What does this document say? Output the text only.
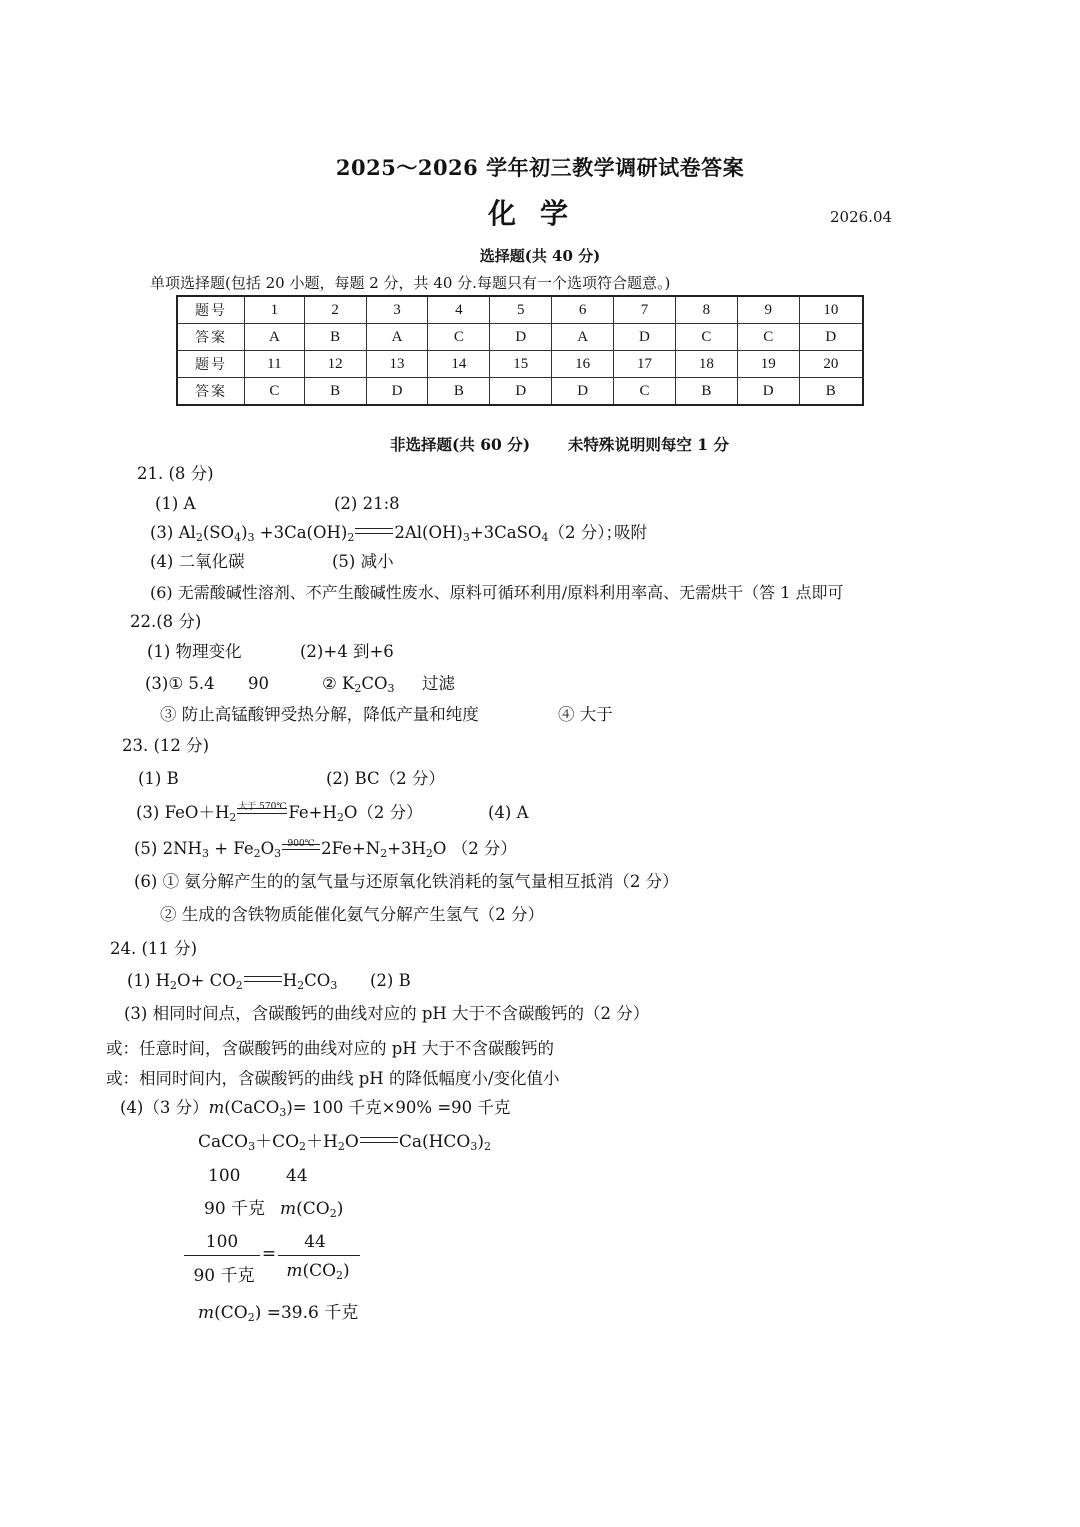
2025～2026 学年初三教学调研试卷答案
化学	2026.04
选择题(共 40 分)
单项选择题(包括 20 小题，每题 2 分，共 40 分.每题只有一个选项符合题意。)
题号	1	2	3	4	5	6	7	8	9	10
答案	A	B	A	C	D	A	D	C	C	D
题号	11	12	13	14	15	16	17	18	19	20
答案	C	B	D	B	D	D	C	B	D	B
非选择题(共 60 分) 未特殊说明则每空 1 分
21. (8 分)
(1) A	(2) 21:8
(3) $Al_2(SO_4)_3 +3Ca(OH)_2$ $2Al(OH)_3+3CaSO_4(2$ 分）；
吸附
(4) 二氧化碳	(5) 减小
(6) 无需酸碱性溶剂、不产生酸碱性废水、原料可循环利用/原料利用率高、无需烘干（答 1 点即可
22.(8 分)
(1) 物理变化	(2)+4 到+6
(3)① 5.4 90	② $K_2CO_3$ 过滤
③ 防止高锰酸钾受热分解，降低产量和纯度	④ 大于
23. (12 分)
(1) B	(2) BC（2 分）
(3) $FeO+H_2$
大于 570℃ $Fe+H_2O(2$ 分）	(4) A
(5) $2NH_3 + Fe_2O_3$
900℃ $2Fe+N_2+3H_2O$ （2 分）
(6) ① 氨分解产生的的氢气量与还原氧化铁消耗的氢气量相互抵消（2 分）
② 生成的含铁物质能催化氨气分解产生氢气（2 分）
24. (11 分)
(1) $H_2O+ CO_2$ $H_2CO_3$ (2) B
(3) 相同时间点，含碳酸钙的曲线对应的 pH 大于不含碳酸钙的（2 分）
或：任意时间，含碳酸钙的曲线对应的 pH 大于不含碳酸钙的
或：相同时间内，含碳酸钙的曲线 pH 的降低幅度小/变化值小
(4)（3 分）m(CaCO$_3$)= 100 千克×90% =90 千克
$CaCO_3+CO_2+H_2O$ $Ca(HCO_3)_2$
100	44
90 千克 $m(CO_2)$
100
90 千克
=
44
$m(CO_2)$
$m(CO_2) =39.6$ 千克
